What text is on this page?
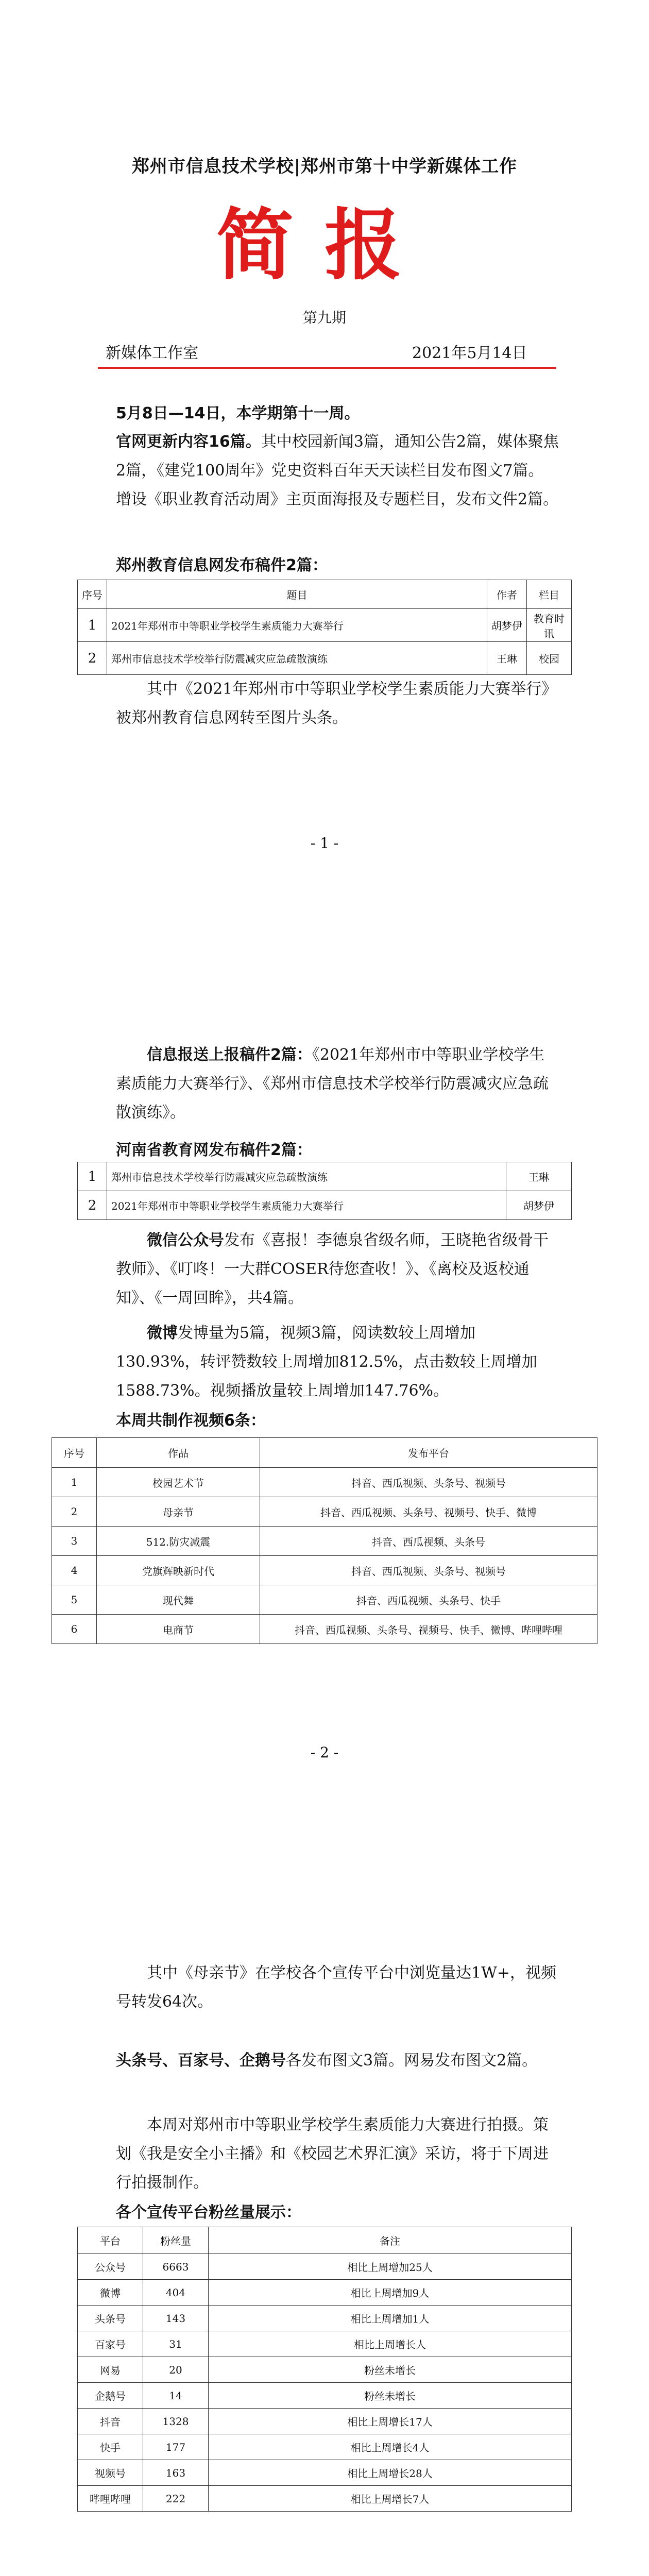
郑州市信息技术学校|郑州市第十中学新媒体工作
简报
第九期
新媒体工作室	2021年5月14日
5月8日—14日，本学期第十一周。
官网更新内容16篇。其中校园新闻3篇，通知公告2篇，媒体聚焦2篇，《建党100周年》党史资料百年天天读栏目发布图文7篇。增设《职业教育活动周》主页面海报及专题栏目，发布文件2篇。
郑州教育信息网发布稿件2篇：
序号	题目	作者	栏目
1	2021年郑州市中等职业学校学生素质能力大赛举行	胡梦伊	教育时讯
2	郑州市信息技术学校举行防震减灾应急疏散演练	王琳	校园
其中《2021年郑州市中等职业学校学生素质能力大赛举行》被郑州教育信息网转至图片头条。
- 1 -
信息报送上报稿件2篇：《2021年郑州市中等职业学校学生素质能力大赛举行》、《郑州市信息技术学校举行防震减灾应急疏散演练》。
河南省教育网发布稿件2篇：
1	郑州市信息技术学校举行防震减灾应急疏散演练	王琳
2	2021年郑州市中等职业学校学生素质能力大赛举行	胡梦伊
微信公众号发布《喜报！李德泉省级名师，王晓艳省级骨干教师》、《叮咚！一大群COSER待您查收！》、《离校及返校通知》、《一周回眸》，共4篇。
微博发博量为5篇，视频3篇，阅读数较上周增加130.93%，转评赞数较上周增加812.5%，点击数较上周增加1588.73%。视频播放量较上周增加147.76%。
本周共制作视频6条：
序号	作品	发布平台
1	校园艺术节	抖音、西瓜视频、头条号、视频号
2	母亲节	抖音、西瓜视频、头条号、视频号、快手、微博
3	512.防灾减震	抖音、西瓜视频、头条号
4	党旗辉映新时代	抖音、西瓜视频、头条号、视频号
5	现代舞	抖音、西瓜视频、头条号、快手
6	电商节	抖音、西瓜视频、头条号、视频号、快手、微博、哔哩哔哩
- 2 -
其中《母亲节》在学校各个宣传平台中浏览量达1W+，视频号转发64次。
头条号、百家号、企鹅号各发布图文3篇。网易发布图文2篇。
本周对郑州市中等职业学校学生素质能力大赛进行拍摄。策划《我是安全小主播》和《校园艺术界汇演》采访，将于下周进行拍摄制作。
各个宣传平台粉丝量展示：
平台	粉丝量	备注
公众号	6663	相比上周增加25人
微博	404	相比上周增加9人
头条号	143	相比上周增加1人
百家号	31	相比上周增长人
网易	20	粉丝未增长
企鹅号	14	粉丝未增长
抖音	1328	相比上周增长17人
快手	177	相比上周增长4人
视频号	163	相比上周增长28人
哔哩哔哩	222	相比上周增长7人
